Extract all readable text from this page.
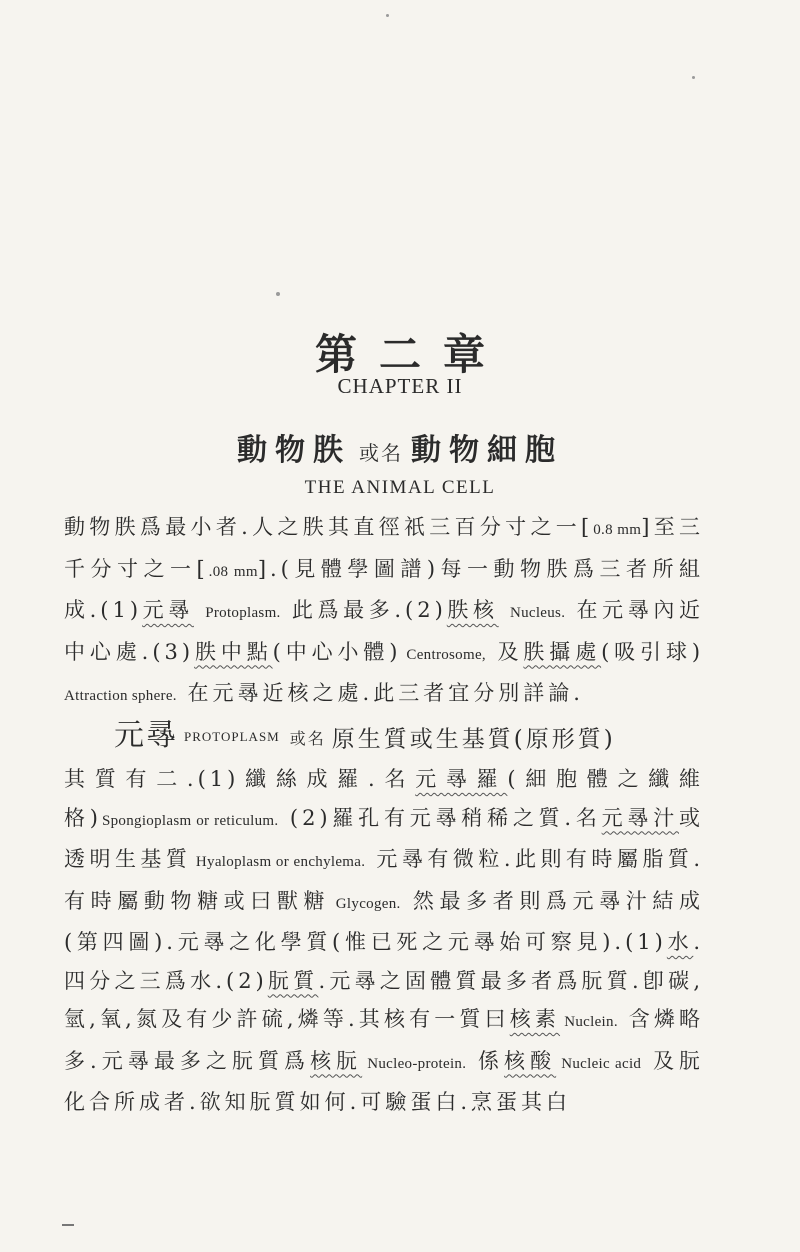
第二章
CHAPTER II
動物胅 或名 動物細胞
THE ANIMAL CELL
動物胅爲最小者.人之胅其直徑祇三百分寸之一[0.8 mm]至三千分寸之一[.08 mm].(見體學圖譜)每一動物胅爲三者所組成.(1)元㝷 Protoplasm. 此爲最多.(2)胅核 Nucleus. 在元㝷內近中心處.(3)胅中點(中心小體) Centrosome, 及胅攝處(吸引球) Attraction sphere. 在元㝷近核之處.此三者宜分別詳論.
元㝷 PROTOPLASM 或名 原生質或生基質(原形質)
其質有二.(1)纖絲成羅.名元㝷羅(細胞體之纖維格)Spongioplasm or reticulum. (2)羅孔有元㝷稍稀之質.名元㝷汁或透明生基質 Hyaloplasm or enchylema. 元㝷有微粒.此則有時屬脂質.有時屬動物糖或曰獸糖 Glycogen. 然最多者則爲元㝷汁結成(第四圖).元㝷之化學質(惟已死之元㝷始可察見).(1)水.四分之三爲水.(2)朊質.元㝷之固體質最多者爲朊質.卽碳,氫,氧,氮及有少許硫,燐等.其核有一質曰核素 Nuclein. 含燐略多.元㝷最多之朊質爲核朊 Nucleo-protein. 係核酸 Nucleic acid 及朊化合所成者.欲知朊質如何.可驗蛋白.烹蛋其白
